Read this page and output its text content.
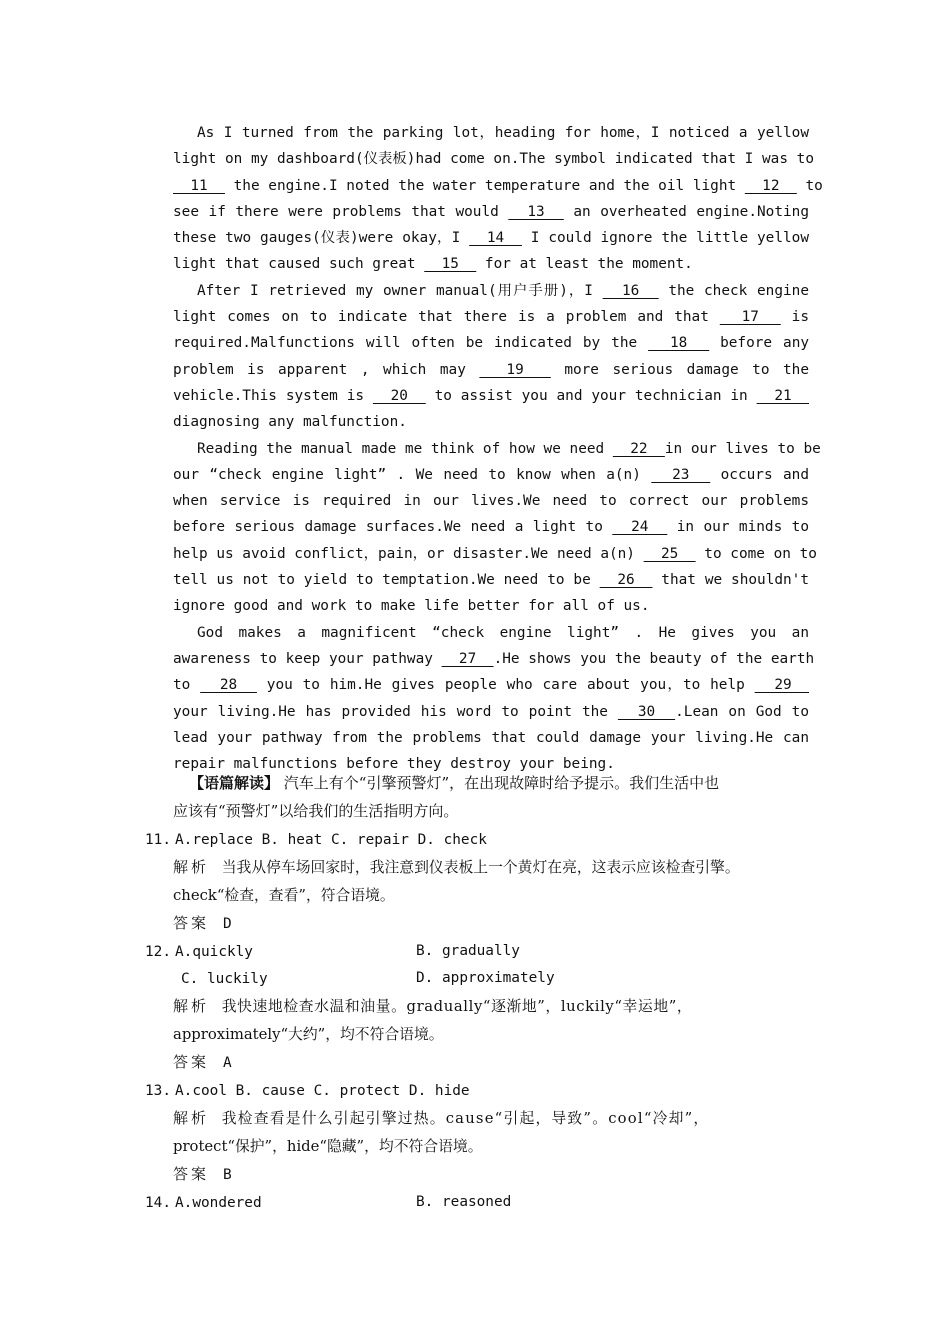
As I turned from the parking lot，heading for home，I noticed a yellow
light on my dashboard(仪表板)had come on.The symbol indicated that I was to
11   the engine.I noted the water temperature and the oil light   12   to
see if there were problems that would   13   an overheated engine.Noting
these two gauges(仪表)were okay，I   14   I could ignore the little yellow
light that caused such great   15   for at least the moment.
After I retrieved my owner manual(用户手册)，I   16   the check engine
light comes on to indicate that there is a problem and that   17   is
required.Malfunctions will often be indicated by the   18   before any
problem is apparent , which may   19   more serious damage to the
vehicle.This system is   20   to assist you and your technician in   21
diagnosing any malfunction.
Reading the manual made me think of how we need   22  in our lives to be
our “check engine light” . We need to know when a(n)   23   occurs and
when service is required in our lives.We need to correct our problems
before serious damage surfaces.We need a light to   24   in our minds to
help us avoid conflict，pain，or disaster.We need a(n)   25   to come on to
tell us not to yield to temptation.We need to be   26   that we shouldn't
ignore good and work to make life better for all of us.
God makes a magnificent “check engine light” . He gives you an
awareness to keep your pathway   27  .He shows you the beauty of the earth
to   28   you to him.He gives people who care about you，to help   29
your living.He has provided his word to point the   30  .Lean on God to
lead your pathway from the problems that could damage your living.He can
repair malfunctions before they destroy your being.
【语篇解读】 汽车上有个“引擎预警灯”，在出现故障时给予提示。我们生活中也
应该有“预警灯”以给我们的生活指明方向。
11. A.replace B. heat C. repair D. check
解析 当我从停车场回家时，我注意到仪表板上一个黄灯在亮，这表示应该检查引擎。
check“检查，查看”，符合语境。
答案 D
12. A.quickly	B. gradually
C. luckily	D. approximately
解析 我快速地检查水温和油量。gradually“逐渐地”，luckily“幸运地”，
approximately“大约”，均不符合语境。
答案 A
13. A.cool B. cause C. protect D. hide
解析 我检查看是什么引起引擎过热。cause“引起，导致”。cool“冷却”，
protect“保护”，hide“隐藏”，均不符合语境。
答案 B
14. A.wondered	B. reasoned
